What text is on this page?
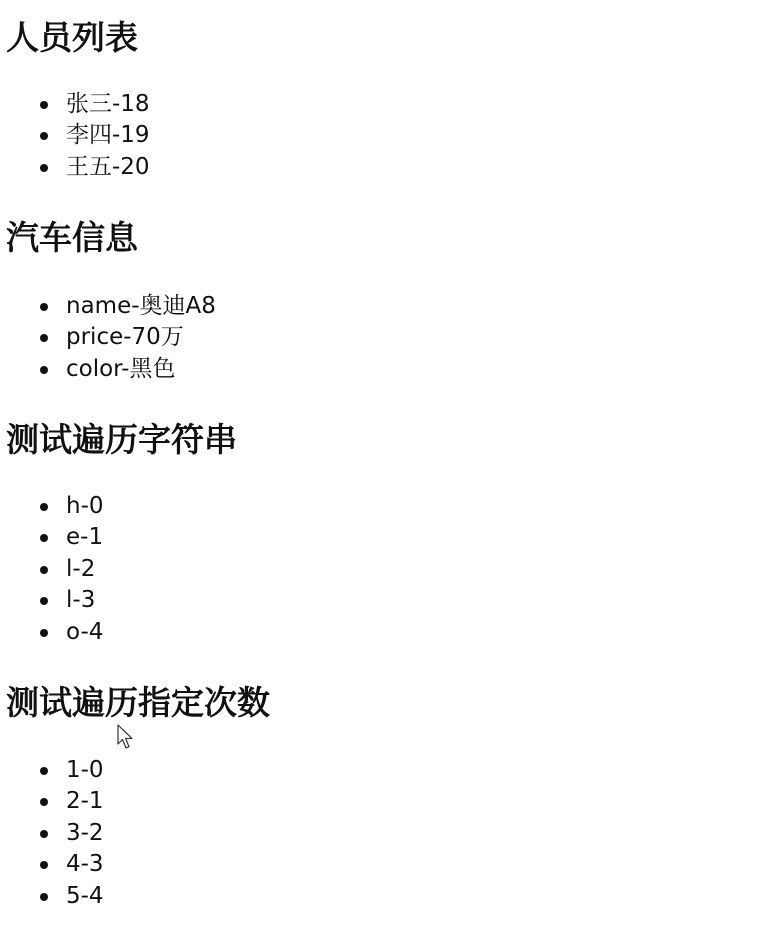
人员列表
张三-18
李四-19
王五-20
汽车信息
name-奥迪A8
price-70万
color-黑色
测试遍历字符串
h-0
e-1
l-2
l-3
o-4
测试遍历指定次数
1-0
2-1
3-2
4-3
5-4
